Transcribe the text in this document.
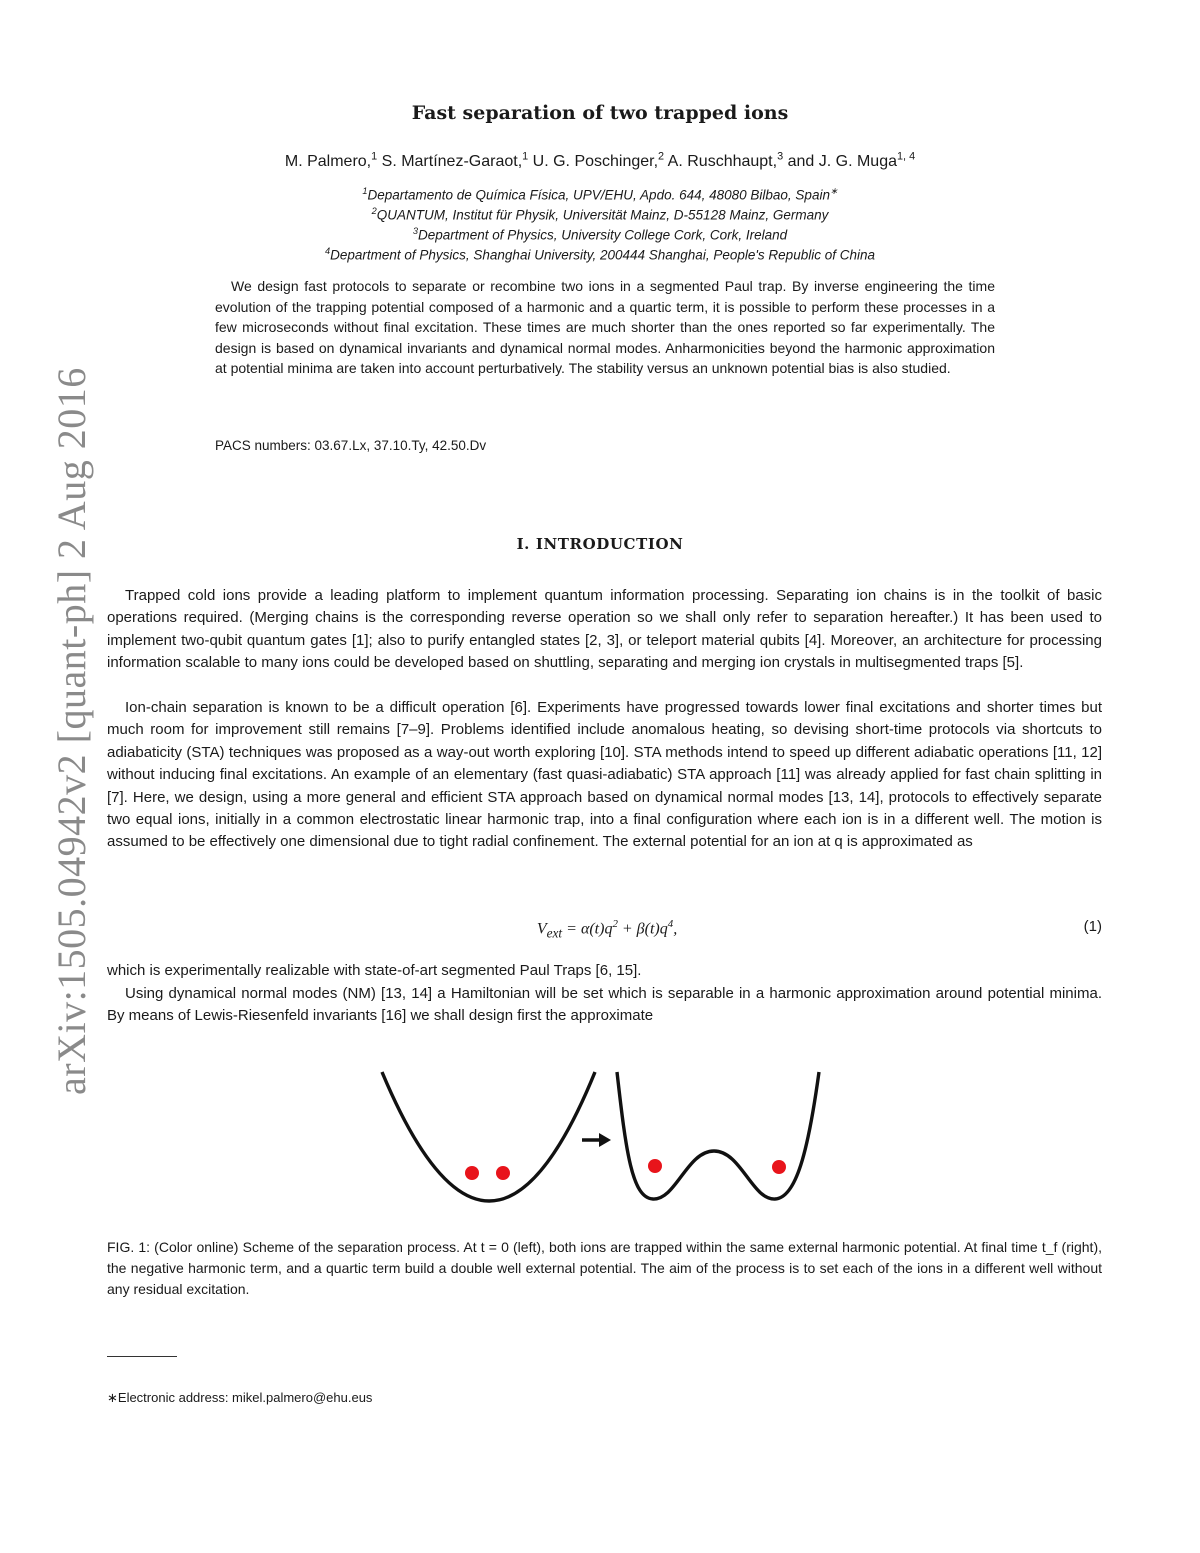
arXiv:1505.04942v2 [quant-ph] 2 Aug 2016
Fast separation of two trapped ions
M. Palmero,$^1$ S. Martínez-Garaot,$^1$ U. G. Poschinger,$^2$ A. Ruschhaupt,$^3$ and J. G. Muga$^{1, 4}$
$^1$Departamento de Química Física, UPV/EHU, Apdo. 644, 48080 Bilbao, Spain∗
$^2$QUANTUM, Institut für Physik, Universität Mainz, D-55128 Mainz, Germany
$^3$Department of Physics, University College Cork, Cork, Ireland
$^4$Department of Physics, Shanghai University, 200444 Shanghai, People's Republic of China
We design fast protocols to separate or recombine two ions in a segmented Paul trap. By inverse engineering the time evolution of the trapping potential composed of a harmonic and a quartic term, it is possible to perform these processes in a few microseconds without final excitation. These times are much shorter than the ones reported so far experimentally. The design is based on dynamical invariants and dynamical normal modes. Anharmonicities beyond the harmonic approximation at potential minima are taken into account perturbatively. The stability versus an unknown potential bias is also studied.
PACS numbers: 03.67.Lx, 37.10.Ty, 42.50.Dv
I. INTRODUCTION
Trapped cold ions provide a leading platform to implement quantum information processing. Separating ion chains is in the toolkit of basic operations required. (Merging chains is the corresponding reverse operation so we shall only refer to separation hereafter.) It has been used to implement two-qubit quantum gates [1]; also to purify entangled states [2, 3], or teleport material qubits [4]. Moreover, an architecture for processing information scalable to many ions could be developed based on shuttling, separating and merging ion crystals in multisegmented traps [5].
Ion-chain separation is known to be a difficult operation [6]. Experiments have progressed towards lower final excitations and shorter times but much room for improvement still remains [7–9]. Problems identified include anomalous heating, so devising short-time protocols via shortcuts to adiabaticity (STA) techniques was proposed as a way-out worth exploring [10]. STA methods intend to speed up different adiabatic operations [11, 12] without inducing final excitations. An example of an elementary (fast quasi-adiabatic) STA approach [11] was already applied for fast chain splitting in [7]. Here, we design, using a more general and efficient STA approach based on dynamical normal modes [13, 14], protocols to effectively separate two equal ions, initially in a common electrostatic linear harmonic trap, into a final configuration where each ion is in a different well. The motion is assumed to be effectively one dimensional due to tight radial confinement. The external potential for an ion at q is approximated as
$V_{ext} = \alpha(t)q^2 + \beta(t)q^4$,	(1)
which is experimentally realizable with state-of-art segmented Paul Traps [6, 15].
Using dynamical normal modes (NM) [13, 14] a Hamiltonian will be set which is separable in a harmonic approximation around potential minima. By means of Lewis-Riesenfeld invariants [16] we shall design first the approximate
FIG. 1: (Color online) Scheme of the separation process. At t = 0 (left), both ions are trapped within the same external harmonic potential. At final time t_f (right), the negative harmonic term, and a quartic term build a double well external potential. The aim of the process is to set each of the ions in a different well without any residual excitation.
∗Electronic address: mikel.palmero@ehu.eus
